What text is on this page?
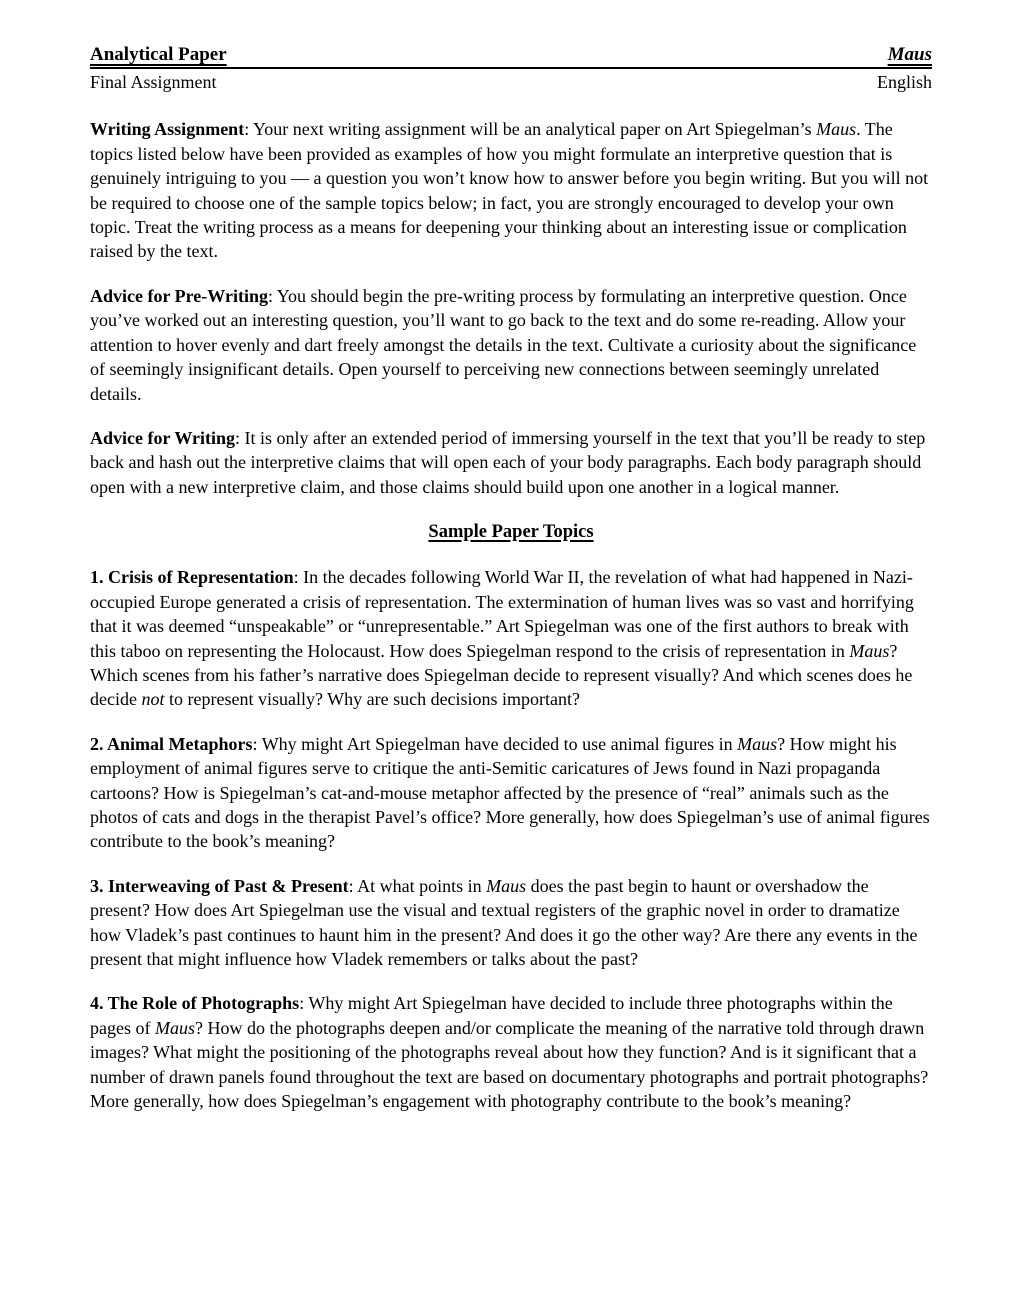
Analytical Paper	Maus
Final Assignment	English

Writing Assignment: Your next writing assignment will be an analytical paper on Art Spiegelman’s Maus. The topics listed below have been provided as examples of how you might formulate an interpretive question that is genuinely intriguing to you — a question you won’t know how to answer before you begin writing. But you will not be required to choose one of the sample topics below; in fact, you are strongly encouraged to develop your own topic. Treat the writing process as a means for deepening your thinking about an interesting issue or complication raised by the text.

Advice for Pre-Writing: You should begin the pre-writing process by formulating an interpretive question. Once you’ve worked out an interesting question, you’ll want to go back to the text and do some re-reading. Allow your attention to hover evenly and dart freely amongst the details in the text. Cultivate a curiosity about the significance of seemingly insignificant details. Open yourself to perceiving new connections between seemingly unrelated details.

Advice for Writing: It is only after an extended period of immersing yourself in the text that you’ll be ready to step back and hash out the interpretive claims that will open each of your body paragraphs. Each body paragraph should open with a new interpretive claim, and those claims should build upon one another in a logical manner.

Sample Paper Topics

1. Crisis of Representation: In the decades following World War II, the revelation of what had happened in Nazi-occupied Europe generated a crisis of representation. The extermination of human lives was so vast and horrifying that it was deemed “unspeakable” or “unrepresentable.” Art Spiegelman was one of the first authors to break with this taboo on representing the Holocaust. How does Spiegelman respond to the crisis of representation in Maus? Which scenes from his father’s narrative does Spiegelman decide to represent visually? And which scenes does he decide not to represent visually? Why are such decisions important?

2. Animal Metaphors: Why might Art Spiegelman have decided to use animal figures in Maus? How might his employment of animal figures serve to critique the anti-Semitic caricatures of Jews found in Nazi propaganda cartoons? How is Spiegelman’s cat-and-mouse metaphor affected by the presence of “real” animals such as the photos of cats and dogs in the therapist Pavel’s office? More generally, how does Spiegelman’s use of animal figures contribute to the book’s meaning?

3. Interweaving of Past & Present: At what points in Maus does the past begin to haunt or overshadow the present? How does Art Spiegelman use the visual and textual registers of the graphic novel in order to dramatize how Vladek’s past continues to haunt him in the present? And does it go the other way? Are there any events in the present that might influence how Vladek remembers or talks about the past?

4. The Role of Photographs: Why might Art Spiegelman have decided to include three photographs within the pages of Maus? How do the photographs deepen and/or complicate the meaning of the narrative told through drawn images? What might the positioning of the photographs reveal about how they function? And is it significant that a number of drawn panels found throughout the text are based on documentary photographs and portrait photographs? More generally, how does Spiegelman’s engagement with photography contribute to the book’s meaning?
